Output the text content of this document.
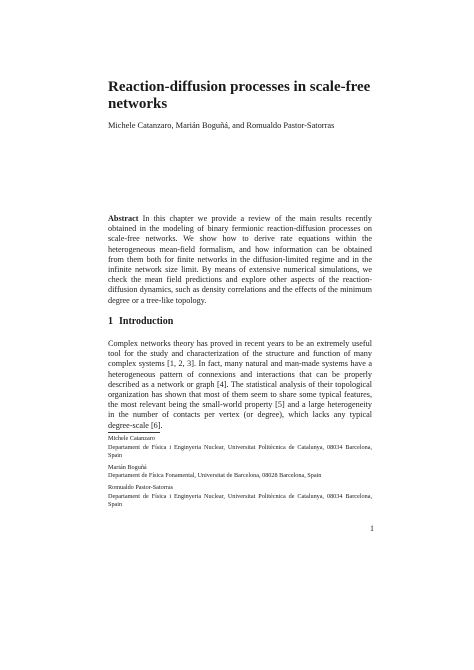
Reaction-diffusion processes in scale-free networks
Michele Catanzaro, Marián Boguñá, and Romualdo Pastor-Satorras

Abstract In this chapter we provide a review of the main results recently obtained in the modeling of binary fermionic reaction-diffusion processes on scale-free networks. We show how to derive rate equations within the heterogeneous mean-field formalism, and how information can be obtained from them both for finite networks in the diffusion-limited regime and in the infinite network size limit. By means of extensive numerical simulations, we check the mean field predictions and explore other aspects of the reaction-diffusion dynamics, such as density correlations and the effects of the minimum degree or a tree-like topology.

1 Introduction

Complex networks theory has proved in recent years to be an extremely useful tool for the study and characterization of the structure and function of many complex systems [1, 2, 3]. In fact, many natural and man-made systems have a heterogeneous pattern of connexions and interactions that can be properly described as a network or graph [4]. The statistical analysis of their topological organization has shown that most of them seem to share some typical features, the most relevant being the small-world property [5] and a large heterogeneity in the number of contacts per vertex (or degree), which lacks any typical degree-scale [6].

Michele Catanzaro
Departament de Física i Enginyeria Nuclear, Universitat Politècnica de Catalunya, 08034 Barcelona, Spain
Marián Boguñá
Departament de Física Fonamental, Universitat de Barcelona, 08028 Barcelona, Spain
Romualdo Pastor-Satorras
Departament de Física i Enginyeria Nuclear, Universitat Politècnica de Catalunya, 08034 Barcelona, Spain
1
